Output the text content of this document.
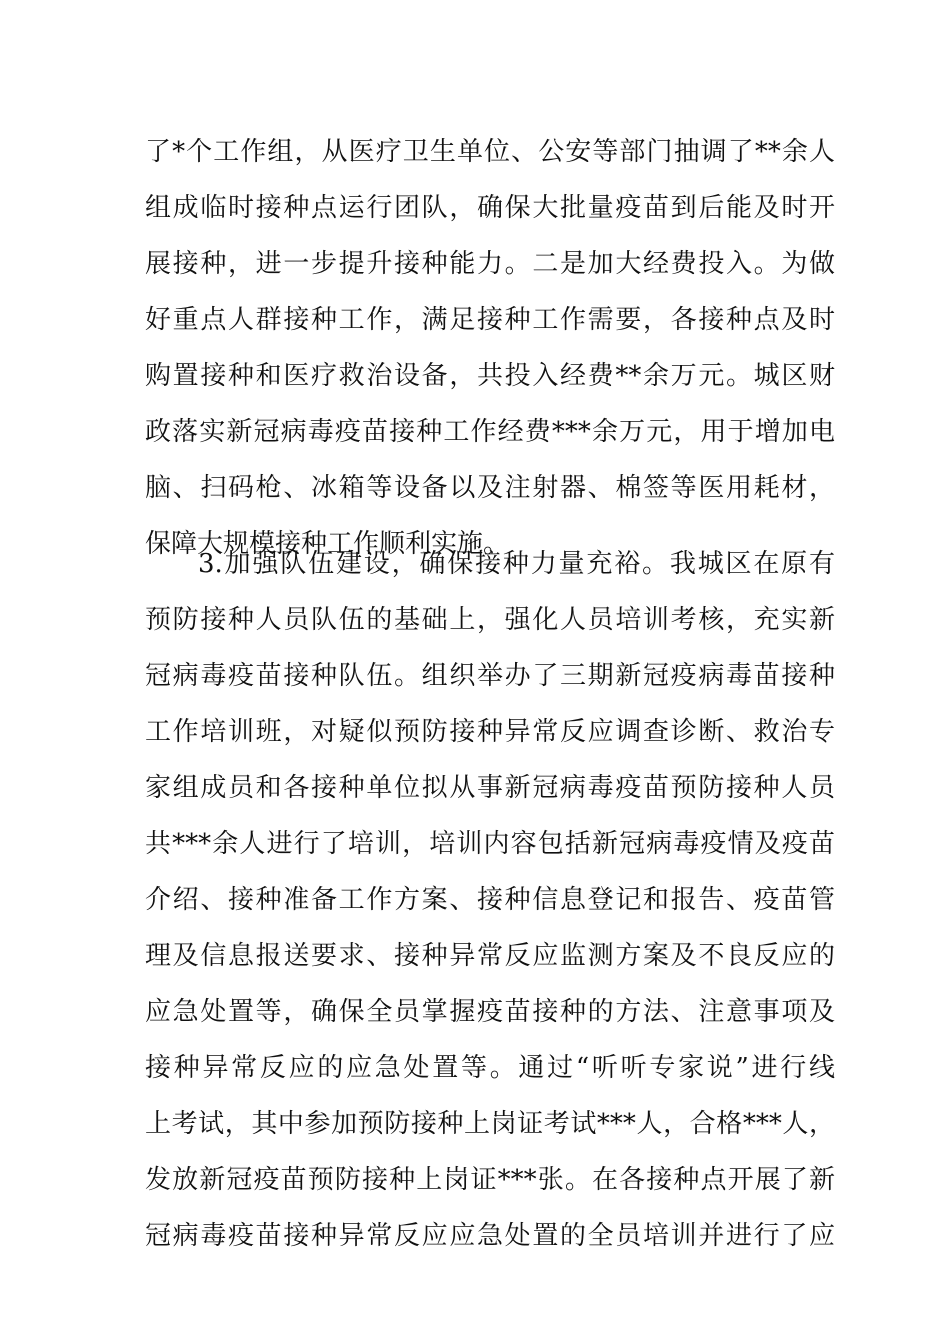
了*个工作组，从医疗卫生单位、公安等部门抽调了**余人
组成临时接种点运行团队，确保大批量疫苗到后能及时开
展接种，进一步提升接种能力。二是加大经费投入。为做
好重点人群接种工作，满足接种工作需要，各接种点及时
购置接种和医疗救治设备，共投入经费**余万元。城区财
政落实新冠病毒疫苗接种工作经费***余万元，用于增加电
脑、扫码枪、冰箱等设备以及注射器、棉签等医用耗材，
保障大规模接种工作顺利实施。
3.加强队伍建设，确保接种力量充裕。我城区在原有
预防接种人员队伍的基础上，强化人员培训考核，充实新
冠病毒疫苗接种队伍。组织举办了三期新冠疫病毒苗接种
工作培训班，对疑似预防接种异常反应调查诊断、救治专
家组成员和各接种单位拟从事新冠病毒疫苗预防接种人员
共***余人进行了培训，培训内容包括新冠病毒疫情及疫苗
介绍、接种准备工作方案、接种信息登记和报告、疫苗管
理及信息报送要求、接种异常反应监测方案及不良反应的
应急处置等，确保全员掌握疫苗接种的方法、注意事项及
接种异常反应的应急处置等。通过“听听专家说”进行线
上考试，其中参加预防接种上岗证考试***人，合格***人，
发放新冠疫苗预防接种上岗证***张。在各接种点开展了新
冠病毒疫苗接种异常反应应急处置的全员培训并进行了应
